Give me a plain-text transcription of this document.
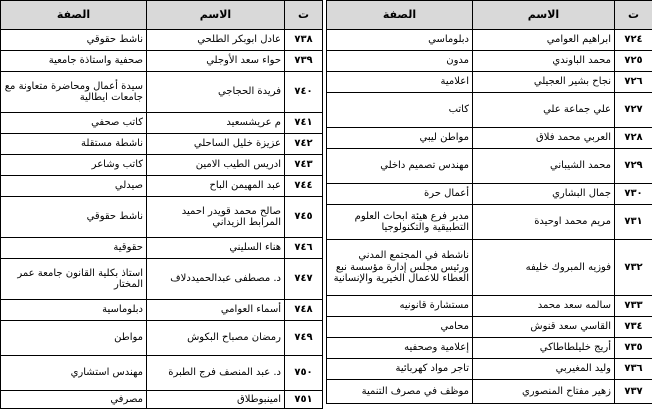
ت	الاسم	الصفة
٧٢٤	ابراهيم العوامي	دبلوماسي
٧٢٥	محمد الباوندي	مدون
٧٢٦	نجاح بشير العجيلي	اعلامية
٧٢٧	علي جماعة علي	كاتب
٧٢٨	العربي محمد فلاق	مواطن ليبي
٧٢٩	محمد الشيباني	مهندس تصميم داخلي
٧٣٠	جمال البشاري	أعمال حرة
٧٣١	مريم محمد اوحيدة	مدير فرع هيئة ابحاث العلوم التطبيقية والتكنولوجيا
٧٣٢	فوزيه المبروك خليفه	ناشطة في المجتمع المدني ورئيس مجلس إدارة مؤسسة نبع العطاء للاعمال الخيرية والإنسانية
٧٣٣	سالمه سعد محمد	مستشارة قانونيه
٧٣٤	القاسي سعد قنوش	محامي
٧٣٥	أريج خليلطاطاكي	إعلامية وصحفيه
٧٣٦	وليد المغيربي	تاجر مواد كهربائية
٧٣٧	زهير مفتاح المنصوري	موظف في مصرف التنمية
ت	الاسم	الصفة
٧٣٨	عادل ابوبكر الطلحي	ناشط حقوقي
٧٣٩	حواء سعد الأوجلي	صحفية واستاذة جامعية
٧٤٠	فريدة الحجاجي	سيدة أعمال ومحاضرة متعاونة مع جامعات ايطالية
٧٤١	م عريشسعيد	كاتب صحفي
٧٤٢	عزيزة خليل الساحلي	ناشطة مستقلة
٧٤٣	ادريس الطيب الامين	كاتب وشاعر
٧٤٤	عبد المهيمن الباح	صيدلي
٧٤٥	صالح محمد قويدر احميد المرابط الزيداني	ناشط حقوقي
٧٤٦	هناء السليني	حقوقية
٧٤٧	د. مصطفى عبدالحميددلاف	استاذ بكلية القانون جامعة عمر المختار
٧٤٨	أسماء العوامي	دبلوماسية
٧٤٩	رمضان مصباح البكوش	مواطن
٧٥٠	د. عبد المنصف فرج الطبرة	مهندس استشاري
٧٥١	امينبوطلاق	مصرفي
